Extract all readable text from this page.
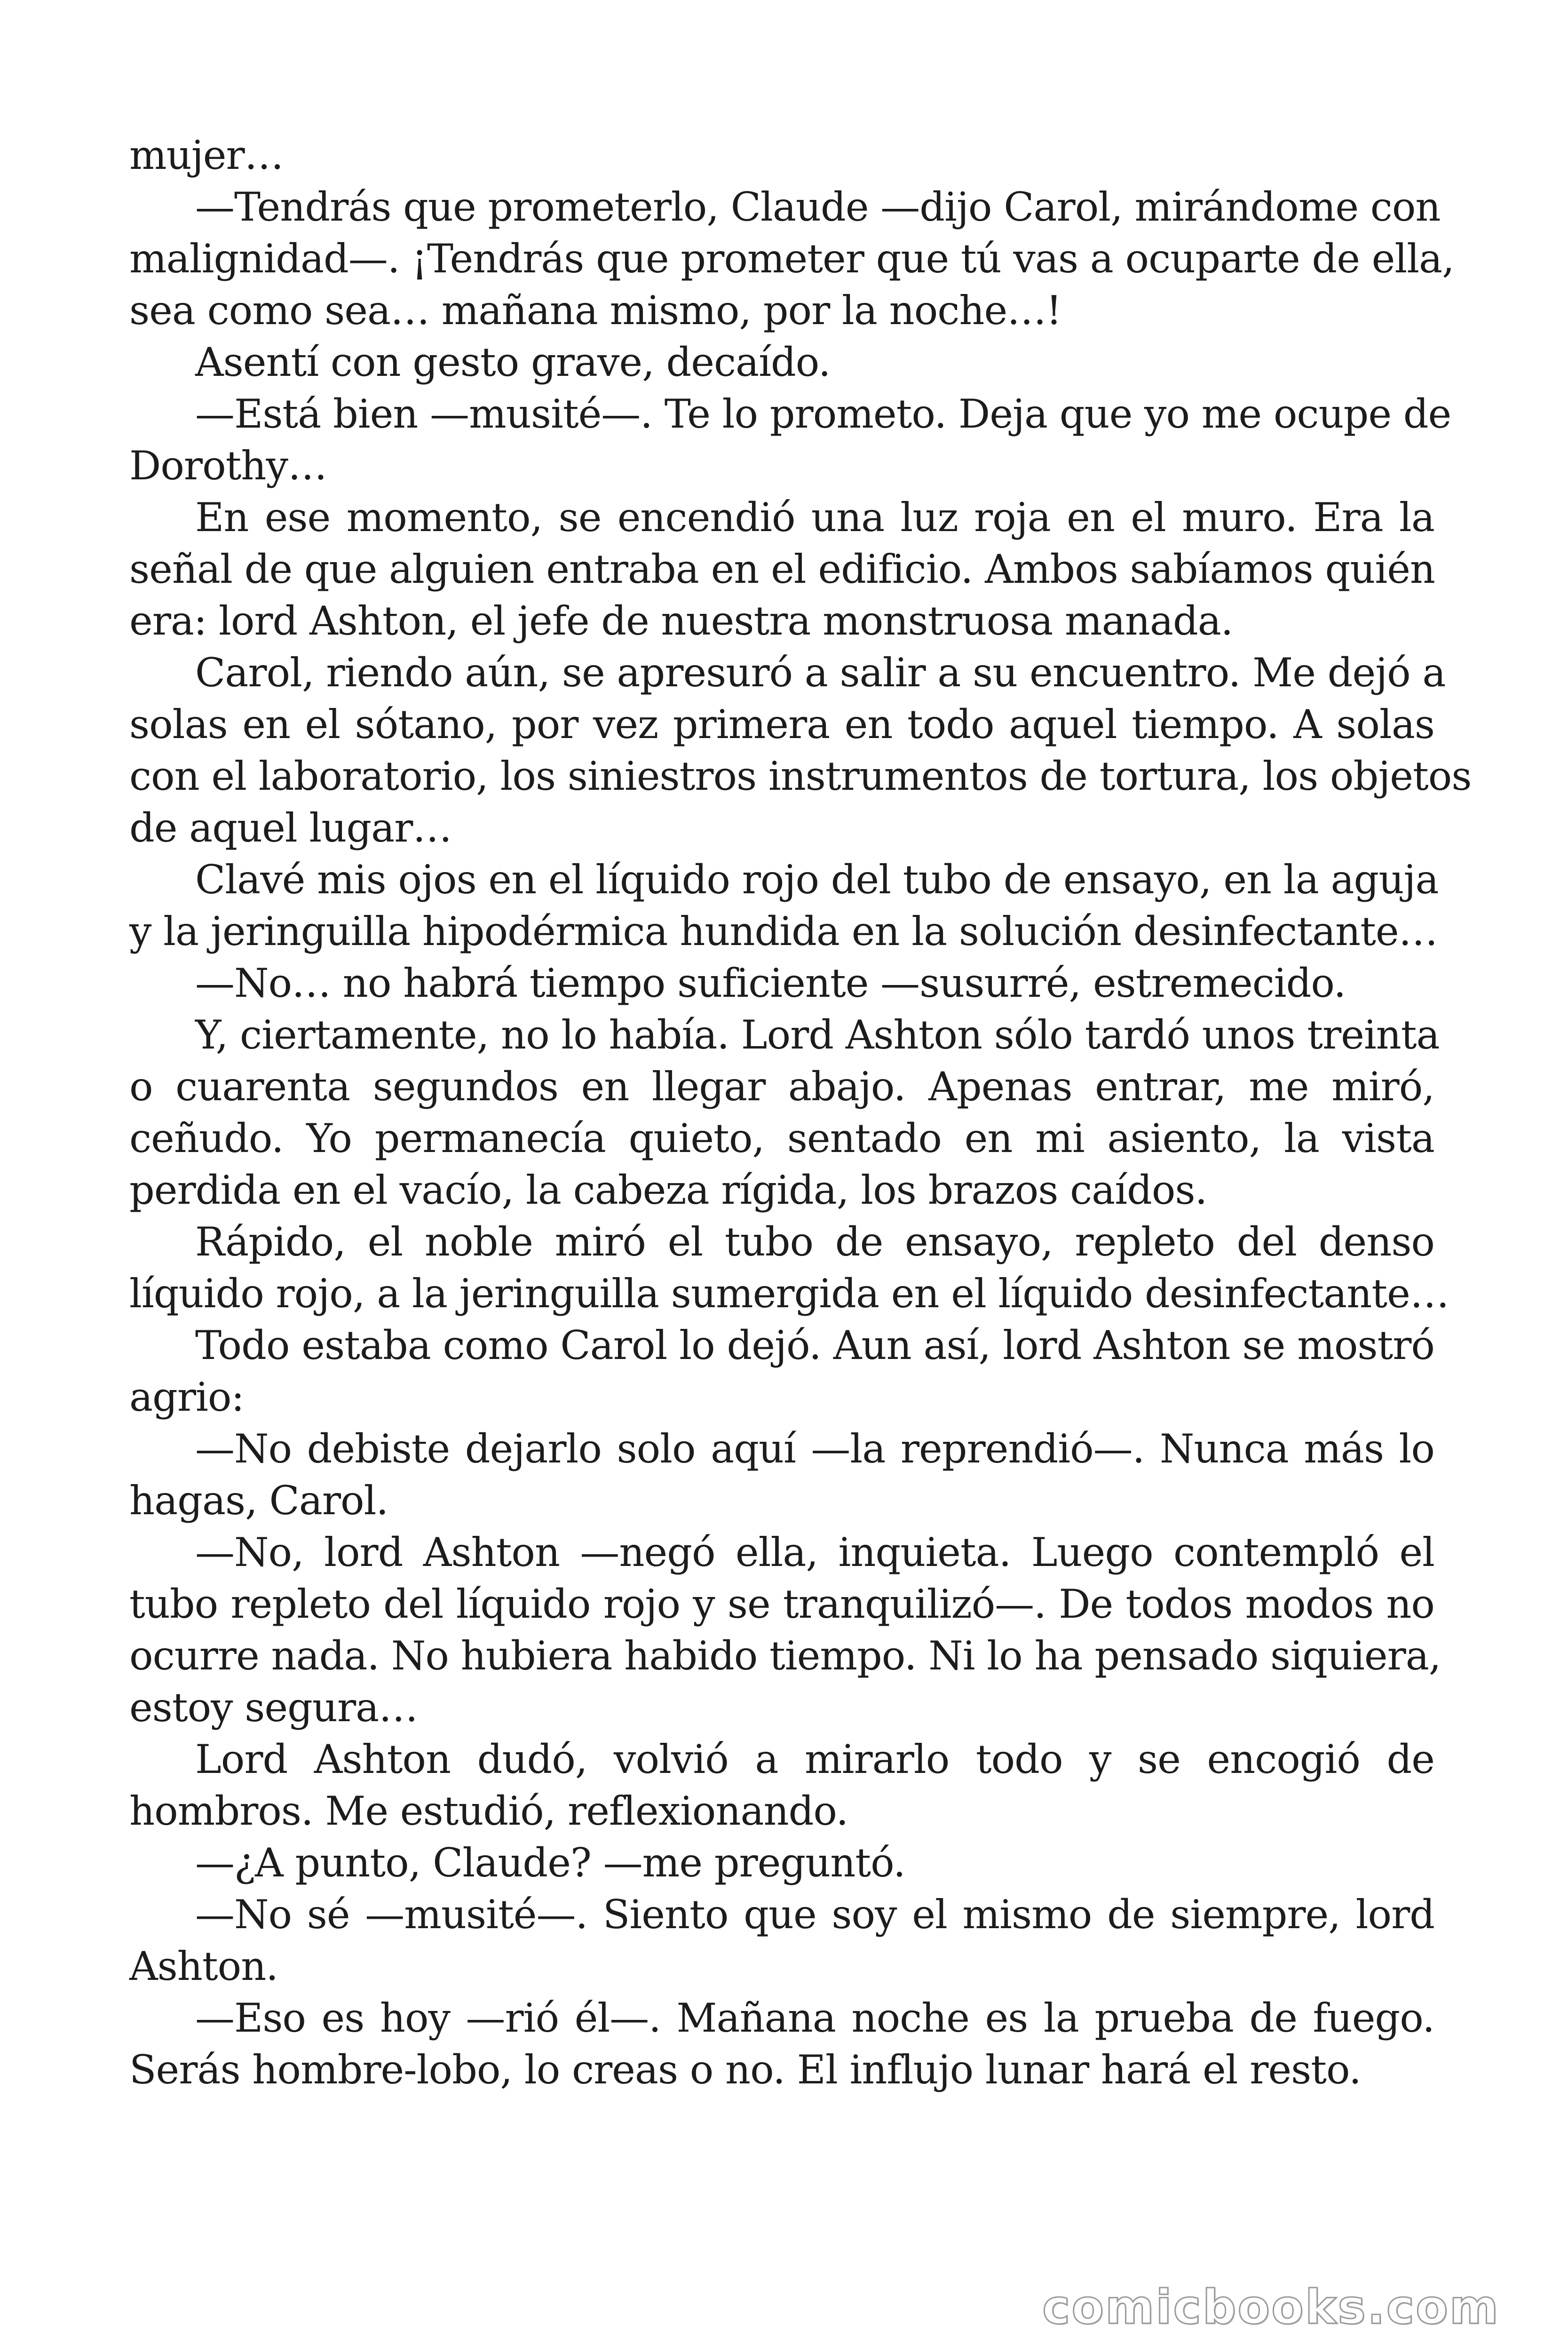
mujer…
—Tendrás que prometerlo, Claude —dijo Carol, mirándome con
malignidad—. ¡Tendrás que prometer que tú vas a ocuparte de ella,
sea como sea… mañana mismo, por la noche…!
Asentí con gesto grave, decaído.
—Está bien —musité—. Te lo prometo. Deja que yo me ocupe de
Dorothy…
En ese momento, se encendió una luz roja en el muro. Era la
señal de que alguien entraba en el edificio. Ambos sabíamos quién
era: lord Ashton, el jefe de nuestra monstruosa manada.
Carol, riendo aún, se apresuró a salir a su encuentro. Me dejó a
solas en el sótano, por vez primera en todo aquel tiempo. A solas
con el laboratorio, los siniestros instrumentos de tortura, los objetos
de aquel lugar…
Clavé mis ojos en el líquido rojo del tubo de ensayo, en la aguja
y la jeringuilla hipodérmica hundida en la solución desinfectante…
—No… no habrá tiempo suficiente —susurré, estremecido.
Y, ciertamente, no lo había. Lord Ashton sólo tardó unos treinta
o cuarenta segundos en llegar abajo. Apenas entrar, me miró,
ceñudo. Yo permanecía quieto, sentado en mi asiento, la vista
perdida en el vacío, la cabeza rígida, los brazos caídos.
Rápido, el noble miró el tubo de ensayo, repleto del denso
líquido rojo, a la jeringuilla sumergida en el líquido desinfectante…
Todo estaba como Carol lo dejó. Aun así, lord Ashton se mostró
agrio:
—No debiste dejarlo solo aquí —la reprendió—. Nunca más lo
hagas, Carol.
—No, lord Ashton —negó ella, inquieta. Luego contempló el
tubo repleto del líquido rojo y se tranquilizó—. De todos modos no
ocurre nada. No hubiera habido tiempo. Ni lo ha pensado siquiera,
estoy segura…
Lord Ashton dudó, volvió a mirarlo todo y se encogió de
hombros. Me estudió, reflexionando.
—¿A punto, Claude? —me preguntó.
—No sé —musité—. Siento que soy el mismo de siempre, lord
Ashton.
—Eso es hoy —rió él—. Mañana noche es la prueba de fuego.
Serás hombre-lobo, lo creas o no. El influjo lunar hará el resto.
comicbooks.com
